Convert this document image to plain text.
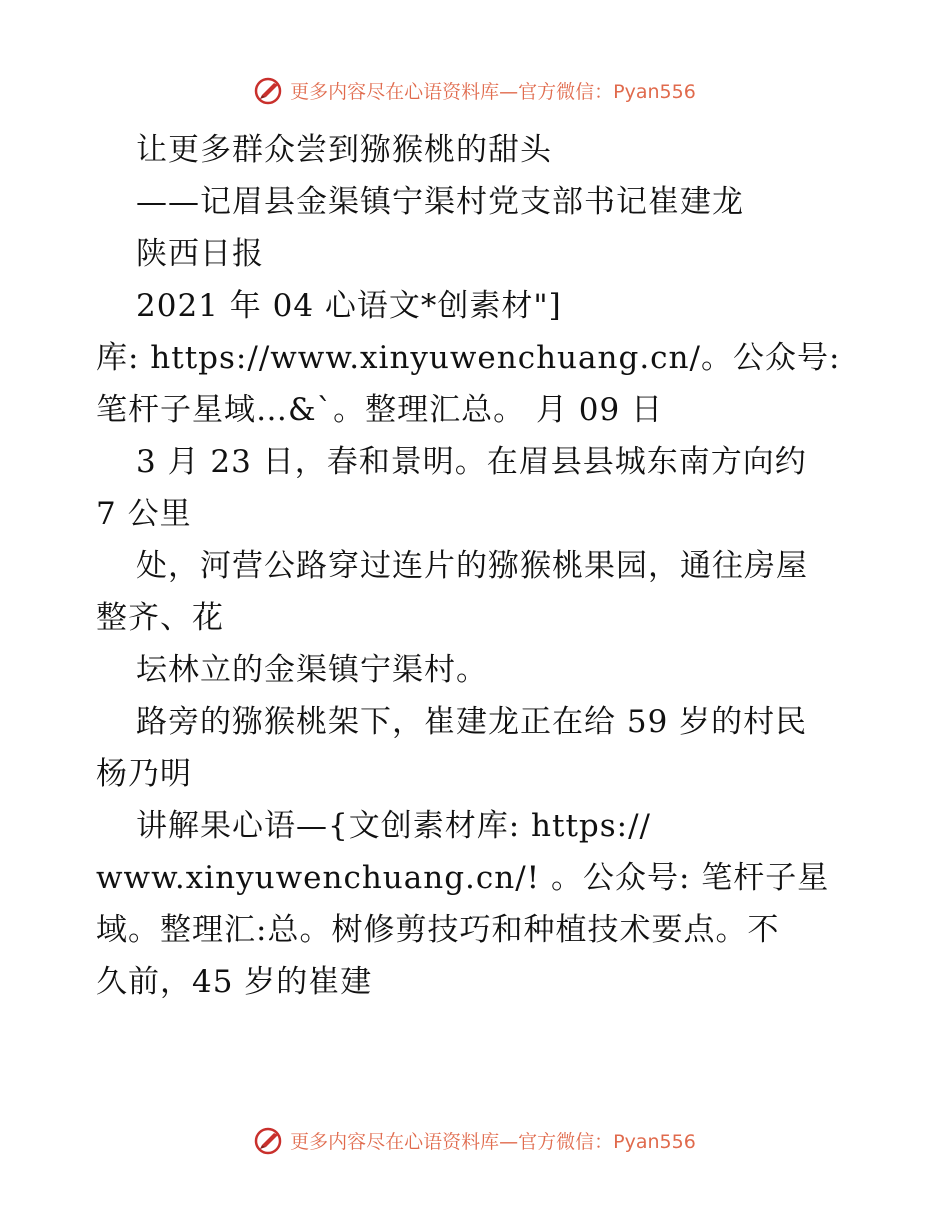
更多内容尽在心语资料库—官方微信：Pyan556
让更多群众尝到猕猴桃的甜头
——记眉县金渠镇宁渠村党支部书记崔建龙
陕西日报
2021 年 04 心语文*创素材"]
库: https://www.xinyuwenchuang.cn/。公众号:
笔杆子星域…&`。整理汇总。 月 09 日
3 月 23 日，春和景明。在眉县县城东南方向约
7 公里
处，河营公路穿过连片的猕猴桃果园，通往房屋
整齐、花
坛林立的金渠镇宁渠村。
路旁的猕猴桃架下，崔建龙正在给 59 岁的村民
杨乃明
讲解果心语—{文创素材库: https://
www.xinyuwenchuang.cn/! 。公众号: 笔杆子星
域。整理汇:总。树修剪技巧和种植技术要点。不
久前，45 岁的崔建
更多内容尽在心语资料库—官方微信：Pyan556
